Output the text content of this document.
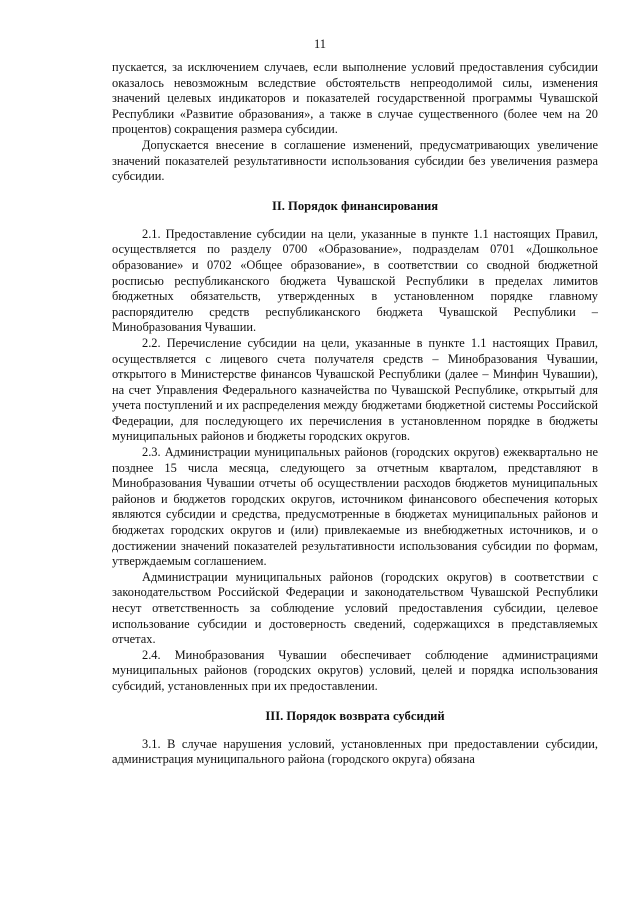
11

пускается, за исключением случаев, если выполнение условий предоставления субсидии оказалось невозможным вследствие обстоятельств непреодолимой силы, изменения значений целевых индикаторов и показателей государственной программы Чувашской Республики «Развитие образования», а также в случае существенного (более чем на 20 процентов) сокращения размера субсидии.

Допускается внесение в соглашение изменений, предусматривающих увеличение значений показателей результативности использования субсидии без увеличения размера субсидии.

II. Порядок финансирования

2.1. Предоставление субсидии на цели, указанные в пункте 1.1 настоящих Правил, осуществляется по разделу 0700 «Образование», подразделам 0701 «Дошкольное образование» и 0702 «Общее образование», в соответствии со сводной бюджетной росписью республиканского бюджета Чувашской Республики в пределах лимитов бюджетных обязательств, утвержденных в установленном порядке главному распорядителю средств республиканского бюджета Чувашской Республики – Минобразования Чувашии.

2.2. Перечисление субсидии на цели, указанные в пункте 1.1 настоящих Правил, осуществляется с лицевого счета получателя средств – Минобразования Чувашии, открытого в Министерстве финансов Чувашской Республики (далее – Минфин Чувашии), на счет Управления Федерального казначейства по Чувашской Республике, открытый для учета поступлений и их распределения между бюджетами бюджетной системы Российской Федерации, для последующего их перечисления в установленном порядке в бюджеты муниципальных районов и бюджеты городских округов.

2.3. Администрации муниципальных районов (городских округов) ежеквартально не позднее 15 числа месяца, следующего за отчетным кварталом, представляют в Минобразования Чувашии отчеты об осуществлении расходов бюджетов муниципальных районов и бюджетов городских округов, источником финансового обеспечения которых являются субсидии и средства, предусмотренные в бюджетах муниципальных районов и бюджетах городских округов и (или) привлекаемые из внебюджетных источников, и о достижении значений показателей результативности использования субсидии по формам, утверждаемым соглашением.

Администрации муниципальных районов (городских округов) в соответствии с законодательством Российской Федерации и законодательством Чувашской Республики несут ответственность за соблюдение условий предоставления субсидии, целевое использование субсидии и достоверность сведений, содержащихся в представляемых отчетах.

2.4. Минобразования Чувашии обеспечивает соблюдение администрациями муниципальных районов (городских округов) условий, целей и порядка использования субсидий, установленных при их предоставлении.

III. Порядок возврата субсидий

3.1. В случае нарушения условий, установленных при предоставлении субсидии, администрация муниципального района (городского округа) обязана
